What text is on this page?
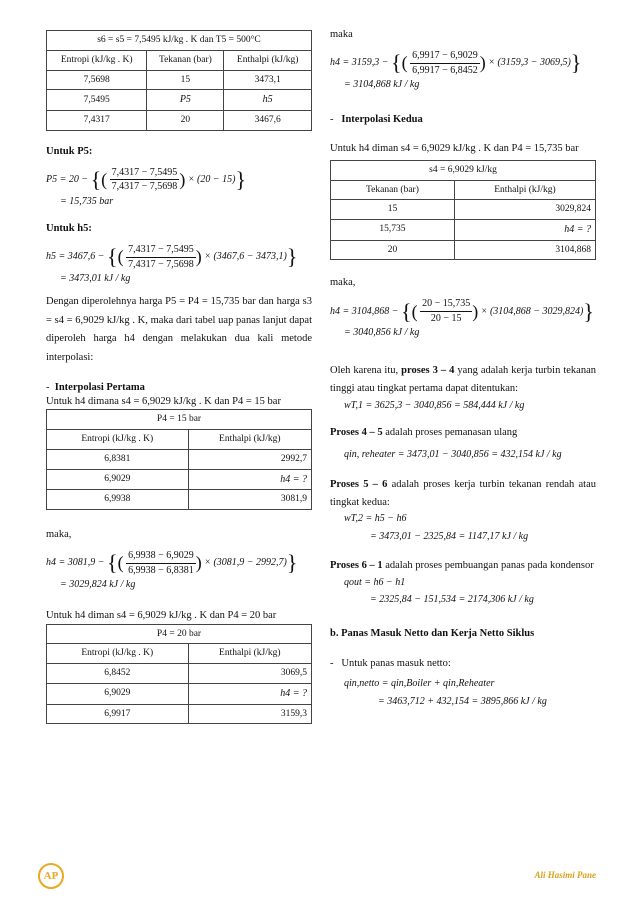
s6 = s5 = 7,5495 kJ/kg . K dan T5 = 500°C		
Entropi (kJ/kg . K)	Tekanan (bar)	Enthalpi (kJ/kg)
7,5698	15	3473,1
7,5495	P5	h5
7,4317	20	3467,6

Untuk P5:

P5 = 20 − {( $\frac{7,4317 - 7,5495}{7,4317 - 7,5698}$ ) × (20 − 15)}
= 15,735 bar

Untuk h5:

h5 = 3467,6 − {( $\frac{7,4317 - 7,5495}{7,4317 - 7,5698}$ ) × (3467,6 − 3473,1)}
= 3473,01 kJ / kg

Dengan diperolehnya harga P5 = P4 = 15,735 bar dan harga s3 = s4 = 6,9029 kJ/kg . K, maka dari tabel uap panas lanjut dapat diperoleh harga h4 dengan melakukan dua kali metode interpolasi:

-  Interpolasi Pertama

Untuk h4 dimana s4 = 6,9029 kJ/kg . K dan P4 = 15 bar

P4 = 15 bar	
Entropi (kJ/kg . K)	Enthalpi (kJ/kg)
6,8381	2992,7
6,9029	h4 = ?
6,9938	3081,9

maka,

h4 = 3081,9 − {( $\frac{6,9938 - 6,9029}{6,9938 - 6,8381}$ ) × (3081,9 − 2992,7)}
= 3029,824 kJ / kg

Untuk h4 diman s4 = 6,9029 kJ/kg . K dan P4 = 20 bar

P4 = 20 bar	
Entropi (kJ/kg . K)	Enthalpi (kJ/kg)
6,8452	3069,5
6,9029	h4 = ?
6,9917	3159,3

maka

h4 = 3159,3 − {( $\frac{6,9917 - 6,9029}{6,9917 - 6,8452}$ ) × (3159,3 − 3069,5)}
= 3104,868 kJ / kg

-   Interpolasi Kedua

Untuk h4 diman s4 = 6,9029 kJ/kg . K dan P4 = 15,735 bar

s4 = 6,9029 kJ/kg	
Tekanan (bar)	Enthalpi (kJ/kg)
15	3029,824
15,735	h4 = ?
20	3104,868

maka,

h4 = 3104,868 − {( $\frac{20 - 15,735}{20 - 15}$ ) × (3104,868 − 3029,824)}
= 3040,856 kJ / kg

Oleh karena itu, proses 3 – 4 yang adalah kerja turbin tekanan tinggi atau tingkat pertama dapat ditentukan:

wT,1 = 3625,3 − 3040,856 = 584,444 kJ / kg

Proses 4 – 5 adalah proses pemanasan ulang

qin, reheater = 3473,01 − 3040,856 = 432,154 kJ / kg

Proses 5 – 6 adalah proses kerja turbin tekanan rendah atau tingkat kedua:

wT,2 = h5 − h6
= 3473,01 − 2325,84 = 1147,17 kJ / kg

Proses 6 – 1 adalah proses pembuangan panas pada kondensor

qout = h6 − h1
= 2325,84 − 151,534 = 2174,306 kJ / kg

b. Panas Masuk Netto dan Kerja Netto Siklus

-   Untuk panas masuk netto:

qin,netto = qin,Boiler + qin,Reheater
= 3463,712 + 432,154 = 3895,866 kJ / kg
AP	Ali Hasimi Pane
